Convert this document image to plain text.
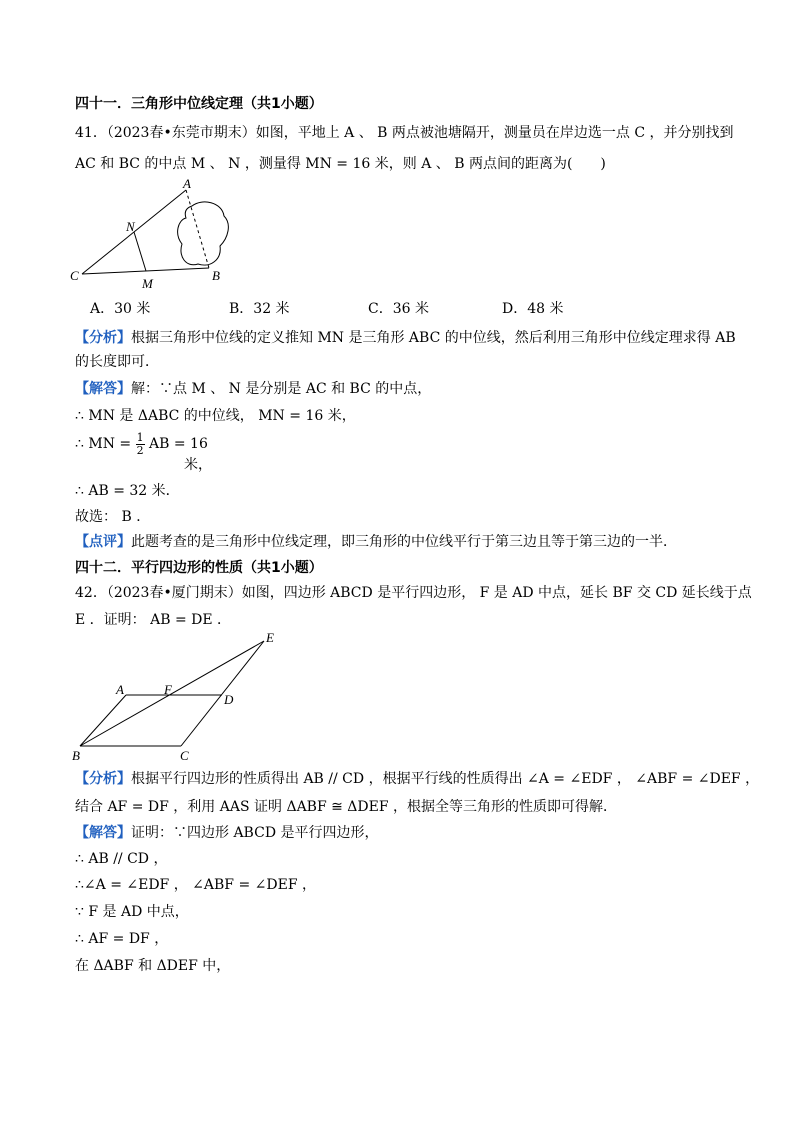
四十一．三角形中位线定理（共1小题）
41．（2023春•东莞市期末）如图，平地上 A 、 B 两点被池塘隔开，测量员在岸边选一点 C ，并分别找到
AC 和 BC 的中点 M 、 N ，测量得 MN = 16 米，则 A 、 B 两点间的距离为(　　)
A
N
C
M
B
A．30 米	B．32 米	C．36 米	D．48 米
【分析】根据三角形中位线的定义推知 MN 是三角形 ABC 的中位线，然后利用三角形中位线定理求得 AB
的长度即可．
【解答】解：∵点 M 、 N 是分别是 AC 和 BC 的中点，
∴ MN 是 ΔABC 的中位线， MN = 16 米，
∴ MN = $\frac{1}{2}$ AB = 16
米，
∴ AB = 32 米．
故选： B ．
【点评】此题考查的是三角形中位线定理，即三角形的中位线平行于第三边且等于第三边的一半．
四十二．平行四边形的性质（共1小题）
42．（2023春•厦门期末）如图，四边形 ABCD 是平行四边形， F 是 AD 中点，延长 BF 交 CD 延长线于点
E ．证明： AB = DE ．
E
A	F
D
B	C
【分析】根据平行四边形的性质得出 AB // CD ，根据平行线的性质得出 ∠A = ∠EDF ， ∠ABF = ∠DEF ，
结合 AF = DF ，利用 AAS 证明 ΔABF ≅ ΔDEF ，根据全等三角形的性质即可得解．
【解答】证明：∵四边形 ABCD 是平行四边形，
∴ AB // CD ，
∴∠A = ∠EDF ， ∠ABF = ∠DEF ，
∵ F 是 AD 中点，
∴ AF = DF ，
在 ΔABF 和 ΔDEF 中，
